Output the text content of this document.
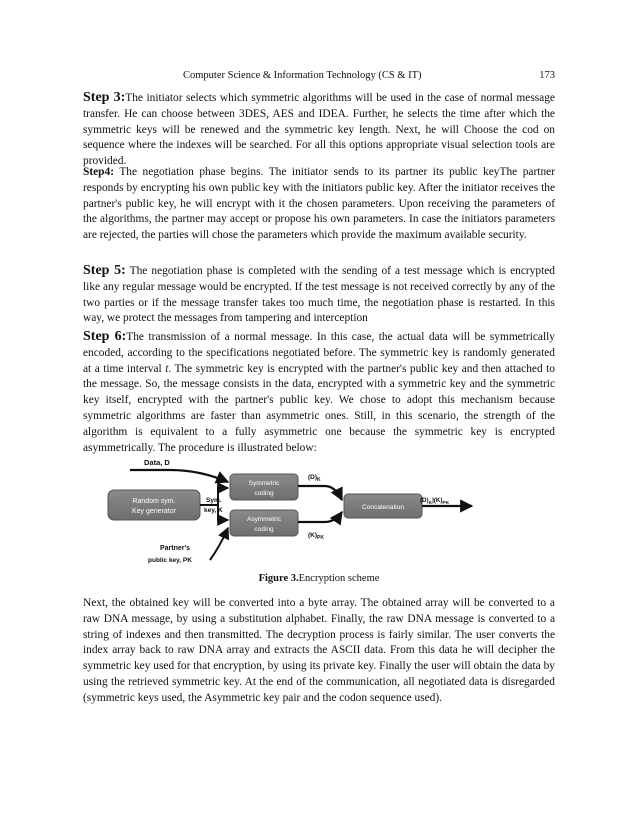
Computer Science & Information Technology (CS & IT)	173

Step 3:The initiator selects which symmetric algorithms will be used in the case of normal message transfer. He can choose between 3DES, AES and IDEA. Further, he selects the time after which the symmetric keys will be renewed and the symmetric key length. Next, he will Choose the cod on sequence where the indexes will be searched. For all this options appropriate visual selection tools are provided.

Step4: The negotiation phase begins. The initiator sends to its partner its public keyThe partner responds by encrypting his own public key with the initiators public key. After the initiator receives the partner's public key, he will encrypt with it the chosen parameters. Upon receiving the parameters of the algorithms, the partner may accept or propose his own parameters. In case the initiators parameters are rejected, the parties will chose the parameters which provide the maximum available security.

Step 5: The negotiation phase is completed with the sending of a test message which is encrypted like any regular message would be encrypted. If the test message is not received correctly by any of the two parties or if the message transfer takes too much time, the negotiation phase is restarted. In this way, we protect the messages from tampering and interception

Step 6:The transmission of a normal message. In this case, the actual data will be symmetrically encoded, according to the specifications negotiated before. The symmetric key is randomly generated at a time interval t. The symmetric key is encrypted with the partner's public key and then attached to the message. So, the message consists in the data, encrypted with a symmetric key and the symmetric key itself, encrypted with the partner's public key. We chose to adopt this mechanism because symmetric algorithms are faster than asymmetric ones. Still, in this scenario, the strength of the algorithm is equivalent to a fully asymmetric one because the symmetric key is encrypted asymmetrically. The procedure is illustrated below:

Data, D
Random sym.
Key generator
Sym.
key, K
Symmetric
coding
Asymmetric
coding
Partner's
public key, PK
$(D)_K$
$(K)_{PK}$
Concatenation
$(D)_K|(K)_{PK}$
Figure 3.Encryption scheme

Next, the obtained key will be converted into a byte array. The obtained array will be converted to a raw DNA message, by using a substitution alphabet. Finally, the raw DNA message is converted to a string of indexes and then transmitted. The decryption process is fairly similar. The user converts the index array back to raw DNA array and extracts the ASCII data. From this data he will decipher the symmetric key used for that encryption, by using its private key. Finally the user will obtain the data by using the retrieved symmetric key. At the end of the communication, all negotiated data is disregarded (symmetric keys used, the Asymmetric key pair and the codon sequence used).
